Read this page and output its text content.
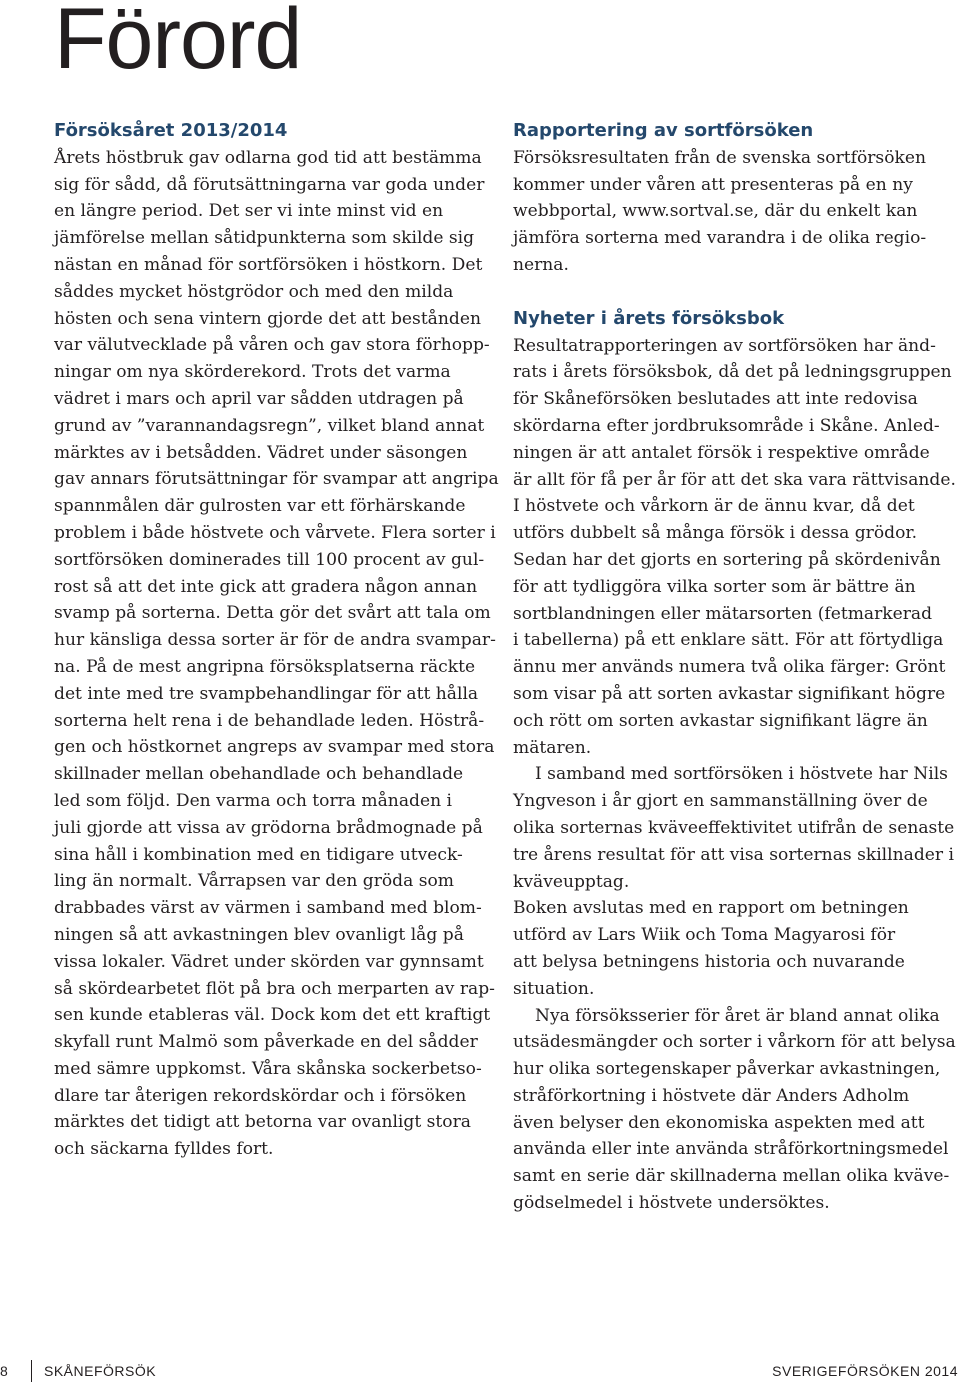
Förord
Försöksåret 2013/2014
Årets höstbruk gav odlarna god tid att bestämma
sig för sådd, då förutsättningarna var goda under
en längre period. Det ser vi inte minst vid en
jämförelse mellan såtidpunkterna som skilde sig
nästan en månad för sortförsöken i höstkorn. Det
såddes mycket höstgrödor och med den milda
hösten och sena vintern gjorde det att bestånden
var välutvecklade på våren och gav stora förhopp-
ningar om nya skörderekord. Trots det varma
vädret i mars och april var sådden utdragen på
grund av ”varannandagsregn”, vilket bland annat
märktes av i betsådden. Vädret under säsongen
gav annars förutsättningar för svampar att angripa
spannmålen där gulrosten var ett förhärskande
problem i både höstvete och vårvete. Flera sorter i
sortförsöken dominerades till 100 procent av gul-
rost så att det inte gick att gradera någon annan
svamp på sorterna. Detta gör det svårt att tala om
hur känsliga dessa sorter är för de andra svampar-
na. På de mest angripna försöksplatserna räckte
det inte med tre svampbehandlingar för att hålla
sorterna helt rena i de behandlade leden. Höstrå-
gen och höstkornet angreps av svampar med stora
skillnader mellan obehandlade och behandlade
led som följd. Den varma och torra månaden i
juli gjorde att vissa av grödorna brådmognade på
sina håll i kombination med en tidigare utveck-
ling än normalt. Vårrapsen var den gröda som
drabbades värst av värmen i samband med blom-
ningen så att avkastningen blev ovanligt låg på
vissa lokaler. Vädret under skörden var gynnsamt
så skördearbetet flöt på bra och merparten av rap-
sen kunde etableras väl. Dock kom det ett kraftigt
skyfall runt Malmö som påverkade en del sådder
med sämre uppkomst. Våra skånska sockerbetso-
dlare tar återigen rekordskördar och i försöken
märktes det tidigt att betorna var ovanligt stora
och säckarna fylldes fort.
Rapportering av sortförsöken
Försöksresultaten från de svenska sortförsöken
kommer under våren att presenteras på en ny
webbportal, www.sortval.se, där du enkelt kan
jämföra sorterna med varandra i de olika regio-
nerna.
Nyheter i årets försöksbok
Resultatrapporteringen av sortförsöken har änd-
rats i årets försöksbok, då det på ledningsgruppen
för Skåneförsöken beslutades att inte redovisa
skördarna efter jordbruksområde i Skåne. Anled-
ningen är att antalet försök i respektive område
är allt för få per år för att det ska vara rättvisande.
I höstvete och vårkorn är de ännu kvar, då det
utförs dubbelt så många försök i dessa grödor.
Sedan har det gjorts en sortering på skördenivån
för att tydliggöra vilka sorter som är bättre än
sortblandningen eller mätarsorten (fetmarkerad
i tabellerna) på ett enklare sätt. För att förtydliga
ännu mer används numera två olika färger: Grönt
som visar på att sorten avkastar signifikant högre
och rött om sorten avkastar signifikant lägre än
mätaren.
I samband med sortförsöken i höstvete har Nils
Yngveson i år gjort en sammanställning över de
olika sorternas kväveeffektivitet utifrån de senaste
tre årens resultat för att visa sorternas skillnader i
kväveupptag.
Boken avslutas med en rapport om betningen
utförd av Lars Wiik och Toma Magyarosi för
att belysa betningens historia och nuvarande
situation.
Nya försöksserier för året är bland annat olika
utsädesmängder och sorter i vårkorn för att belysa
hur olika sortegenskaper påverkar avkastningen,
stråförkortning i höstvete där Anders Adholm
även belyser den ekonomiska aspekten med att
använda eller inte använda stråförkortningsmedel
samt en serie där skillnaderna mellan olika kväve-
gödselmedel i höstvete undersöktes.
8	SKÅNEFÖRSÖK	SVERIGEFÖRSÖKEN 2014
